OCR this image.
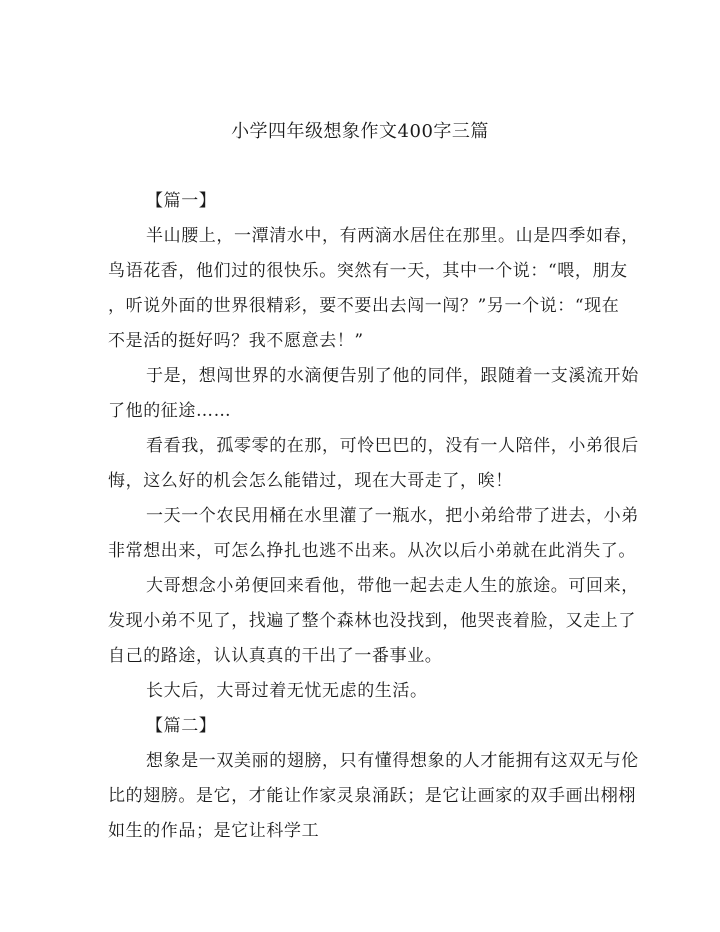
小学四年级想象作文400字三篇
【篇一】
半山腰上，一潭清水中，有两滴水居住在那里。山是四季如春，
鸟语花香，他们过的很快乐。突然有一天，其中一个说：“喂，朋友
，听说外面的世界很精彩，要不要出去闯一闯？”另一个说：“现在
不是活的挺好吗？我不愿意去！”
于是，想闯世界的水滴便告别了他的同伴，跟随着一支溪流开始
了他的征途……
看看我，孤零零的在那，可怜巴巴的，没有一人陪伴，小弟很后
悔，这么好的机会怎么能错过，现在大哥走了，唉！
一天一个农民用桶在水里灌了一瓶水，把小弟给带了进去，小弟
非常想出来，可怎么挣扎也逃不出来。从次以后小弟就在此消失了。
大哥想念小弟便回来看他，带他一起去走人生的旅途。可回来，
发现小弟不见了，找遍了整个森林也没找到，他哭丧着脸，又走上了
自己的路途，认认真真的干出了一番事业。
长大后，大哥过着无忧无虑的生活。
【篇二】
想象是一双美丽的翅膀，只有懂得想象的人才能拥有这双无与伦
比的翅膀。是它，才能让作家灵泉涌跃；是它让画家的双手画出栩栩
如生的作品；是它让科学工
